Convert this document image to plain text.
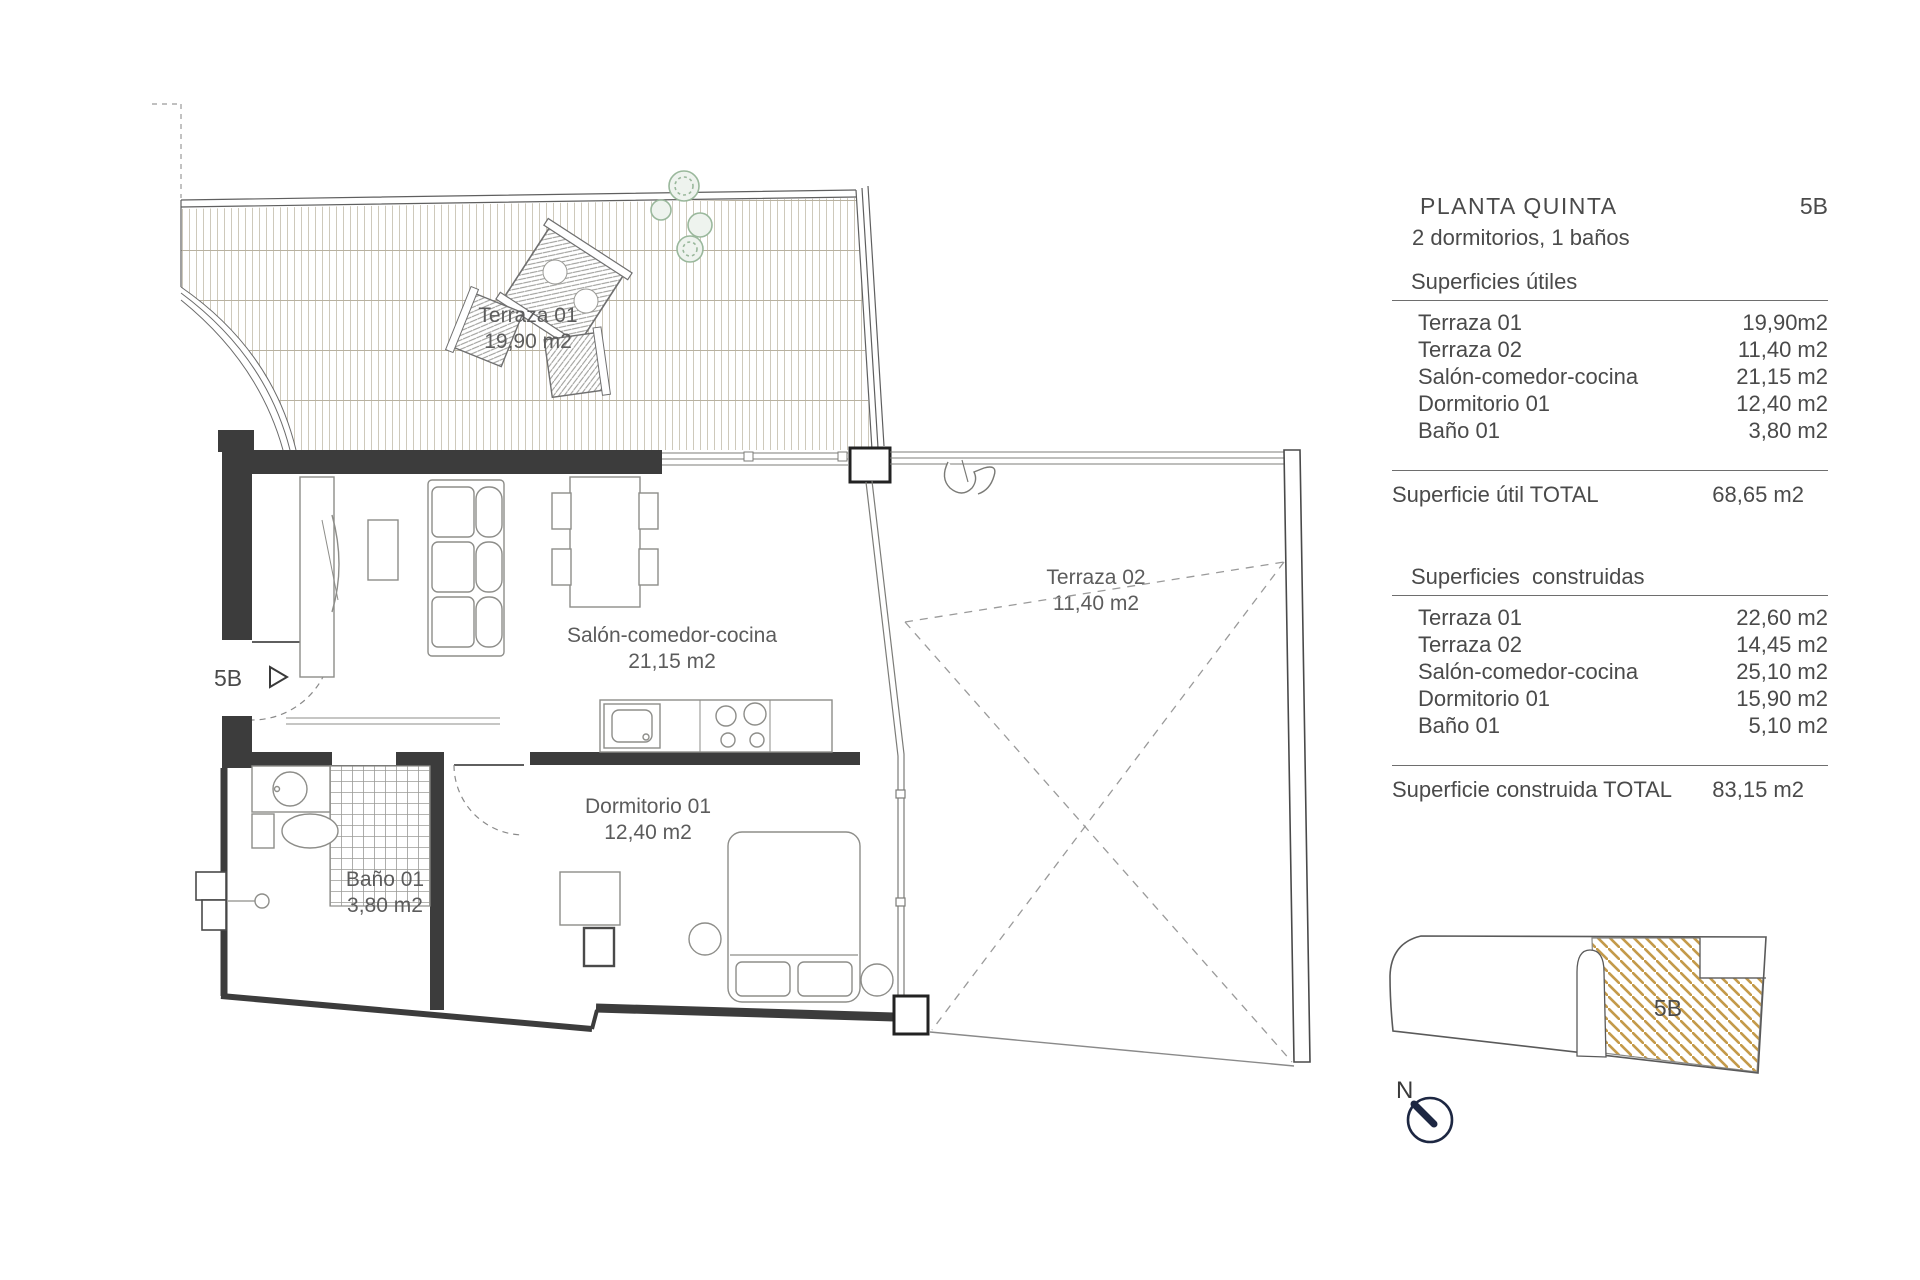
Terraza 01
19,90 m2
5B
Salón-comedor-cocina
21,15 m2
Terraza 02
11,40 m2
Dormitorio 01
12,40 m2
Baño 01
3,80 m2
5B
N
PLANTA QUINTA	5B
2 dormitorios, 1 baños
Superficies útiles
Terraza 01	19,90m2
Terraza 02	11,40 m2
Salón-comedor-cocina	21,15 m2
Dormitorio 01	12,40 m2
Baño 01	3,80 m2
Superficie útil TOTAL	68,65 m2
Superficies  construidas
Terraza 01	22,60 m2
Terraza 02	14,45 m2
Salón-comedor-cocina	25,10 m2
Dormitorio 01	15,90 m2
Baño 01	5,10 m2
Superficie construida TOTAL 83,15 m2
